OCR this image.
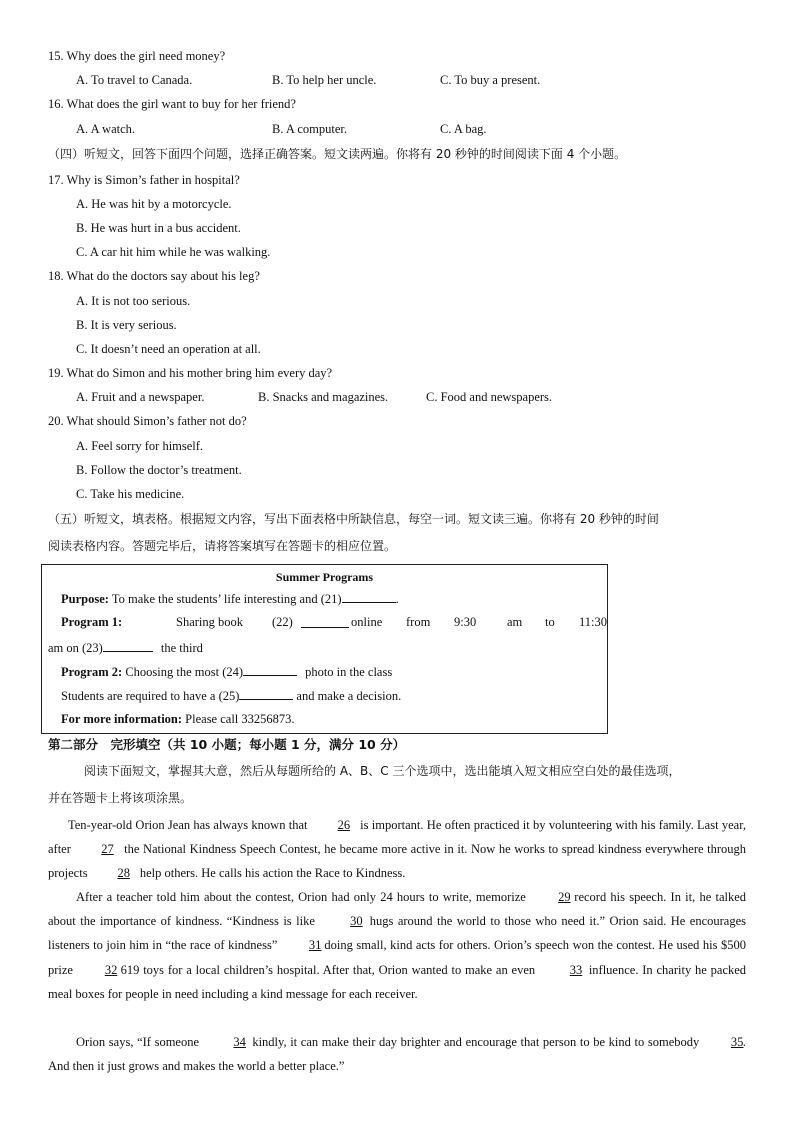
15. Why does the girl need money?
A. To travel to Canada.	B. To help her uncle.	C. To buy a present.
16. What does the girl want to buy for her friend?
A. A watch.	B. A computer.	C. A bag.
（四）听短文，回答下面四个问题，选择正确答案。短文读两遍。你将有 20 秒钟的时间阅读下面 4 个小题。
17. Why is Simon’s father in hospital?
A. He was hit by a motorcycle.
B. He was hurt in a bus accident.
C. A car hit him while he was walking.
18. What do the doctors say about his leg?
A. It is not too serious.
B. It is very serious.
C. It doesn’t need an operation at all.
19. What do Simon and his mother bring him every day?
A. Fruit and a newspaper.	B. Snacks and magazines.	C. Food and newspapers.
20. What should Simon’s father not do?
A. Feel sorry for himself.
B. Follow the doctor’s treatment.
C. Take his medicine.
（五）听短文，填表格。根据短文内容，写出下面表格中所缺信息，每空一词。短文读三遍。你将有 20 秒钟的时间
阅读表格内容。答题完毕后，请将答案填写在答题卡的相应位置。
Summer Programs
Purpose: To make the students’ life interesting and (21)	.
Program 1:	Sharing book (22)	online from 9:30 am to 11:30
am on (23)	the third
Program 2: Choosing the most (24)	photo in the class
Students are required to have a (25)	and make a decision.
For more information: Please call 33256873.
第二部分　完形填空（共 10 小题；每小题 1 分，满分 10 分）
阅读下面短文，掌握其大意，然后从每题所给的 A、B、C 三个选项中，选出能填入短文相应空白处的最佳选项，
并在答题卡上将该项涂黑。
Ten-year-old Orion Jean has always known that 26 is important. He often practiced it by volunteering with his family. Last year, after 27 the National Kindness Speech Contest, he became more active in it. Now he works to spread kindness everywhere through projects 28 help others. He calls his action the Race to Kindness.
After a teacher told him about the contest, Orion had only 24 hours to write, memorize	29 record his speech. In it, he talked about the importance of kindness. “Kindness is like	30 hugs around the world to those who need it.” Orion said. He encourages listeners to join him in “the race of kindness”	31 doing small, kind acts for others. Orion’s speech won the contest. He used his $500 prize	32 619 toys for a local children’s hospital. After that, Orion wanted to make an even	33 influence. In charity he packed meal boxes for people in need including a kind message for each receiver.
Orion says, “If someone	34 kindly, it can make their day brighter and encourage that person to be kind to somebody	35. And then it just grows and makes the world a better place.”
